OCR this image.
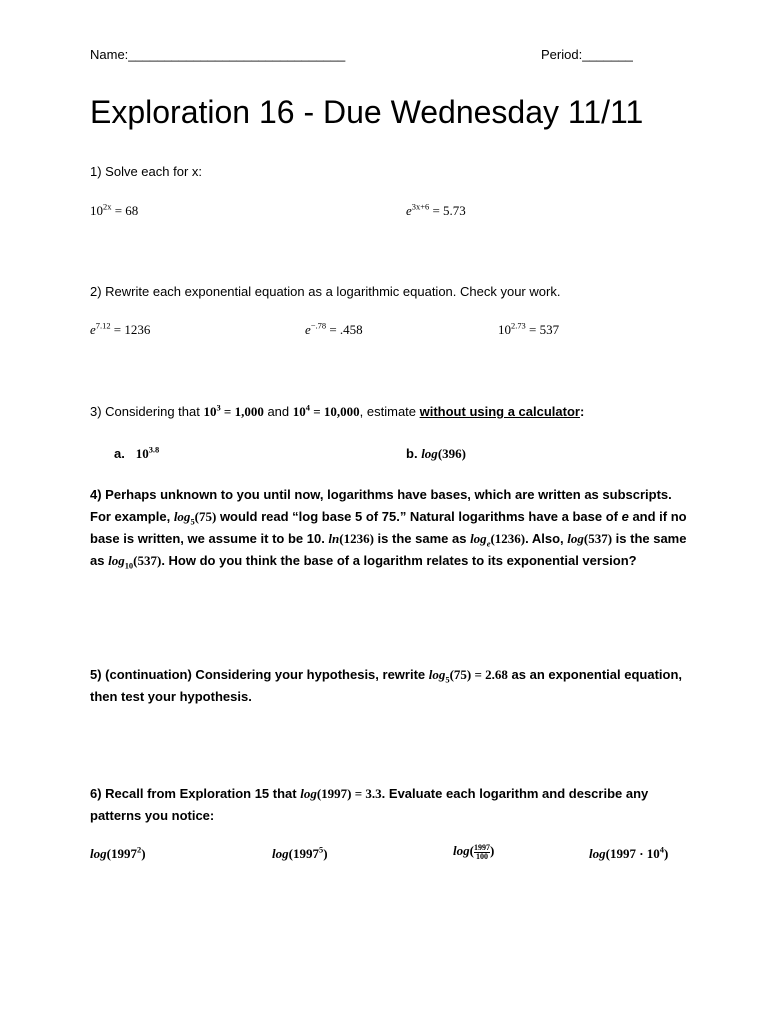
Name:______________________________	Period:_______
Exploration 16 - Due Wednesday 11/11
1) Solve each for x:
$10^{2x} = 68$	$e^{3x+6} = 5.73$
2) Rewrite each exponential equation as a logarithmic equation. Check your work.
$e^{7.12} = 1236$	$e^{-.78} = .458$	$10^{2.73} = 537$
3) Considering that $10^3 = 1,000$ and $10^4 = 10,000$, estimate without using a calculator:
a. $10^{3.8}$	b. log(396)
4) Perhaps unknown to you until now, logarithms have bases, which are written as subscripts. For example, $\log_5(75)$ would read “log base 5 of 75.” Natural logarithms have a base of e and if no base is written, we assume it to be 10. ln(1236) is the same as $\log_e(1236)$. Also, log(537) is the same as $\log_{10}(537)$. How do you think the base of a logarithm relates to its exponential version?
5) (continuation) Considering your hypothesis, rewrite $\log_5(75) = 2.68$ as an exponential equation, then test your hypothesis.
6) Recall from Exploration 15 that log(1997) = 3.3. Evaluate each logarithm and describe any patterns you notice:
log(1997$^2$)	log(1997$^5$)	$\log( \frac{1997}{100}$ )	$\log(1997 \cdot 10^4)$
